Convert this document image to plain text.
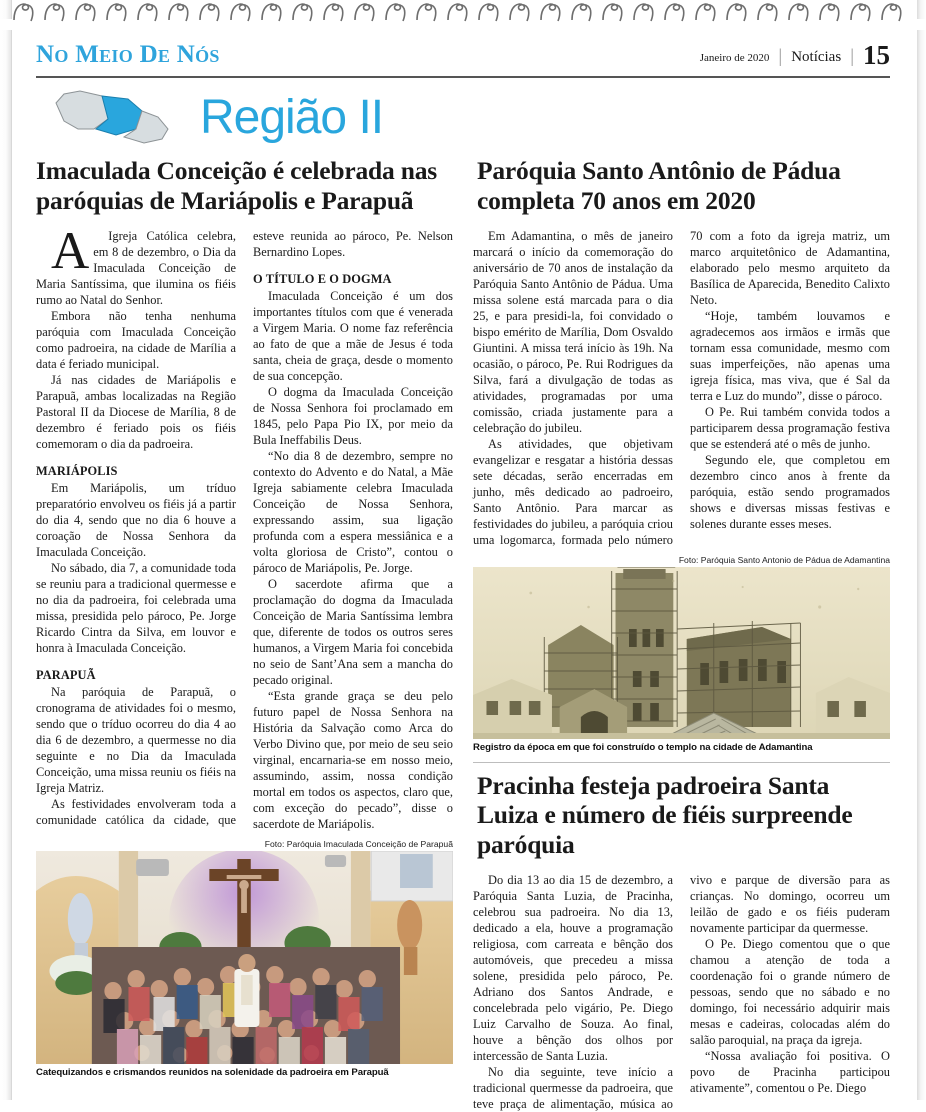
No Meio De Nós	Janeiro de 2020 | Notícias | 15
Região II
Imaculada Conceição é celebrada nas paróquias de Mariápolis e Parapuã

AIgreja Católica celebra, em 8 de dezembro, o Dia da Imaculada Conceição de Maria Santíssima, que ilumina os fiéis rumo ao Natal do Senhor.

Embora não tenha nenhuma paróquia com Imaculada Conceição como padroeira, na cidade de Marília a data é feriado municipal.

Já nas cidades de Mariápolis e Parapuã, ambas localizadas na Região Pastoral II da Diocese de Marília, 8 de dezembro é feriado pois os fiéis comemoram o dia da padroeira.

MARIÁPOLIS

Em Mariápolis, um tríduo preparatório envolveu os fiéis já a partir do dia 4, sendo que no dia 6 houve a coroação de Nossa Senhora da Imaculada Conceição.

No sábado, dia 7, a comunidade toda se reuniu para a tradicional quermesse e no dia da padroeira, foi celebrada uma missa, presidida pelo pároco, Pe. Jorge Ricardo Cintra da Silva, em louvor e honra à Imaculada Conceição.

PARAPUÃ

Na paróquia de Parapuã, o cronograma de atividades foi o mesmo, sendo que o tríduo ocorreu do dia 4 ao dia 6 de dezembro, a quermesse no dia seguinte e no Dia da Imaculada Conceição, uma missa reuniu os fiéis na Igreja Matriz.

As festividades envolveram toda a comunidade católica da cidade, que esteve reunida ao pároco, Pe. Nelson Bernardino Lopes.

O TÍTULO E O DOGMA

Imaculada Conceição é um dos importantes títulos com que é venerada a Virgem Maria. O nome faz referência ao fato de que a mãe de Jesus é toda santa, cheia de graça, desde o momento de sua concepção.

O dogma da Imaculada Conceição de Nossa Senhora foi proclamado em 1845, pelo Papa Pio IX, por meio da Bula Ineffabilis Deus.

“No dia 8 de dezembro, sempre no contexto do Advento e do Natal, a Mãe Igreja sabiamente celebra Imaculada Conceição de Nossa Senhora, expressando assim, sua ligação profunda com a espera messiânica e a volta gloriosa de Cristo”, contou o pároco de Mariápolis, Pe. Jorge.

O sacerdote afirma que a proclamação do dogma da Imaculada Conceição de Maria Santíssima lembra que, diferente de todos os outros seres humanos, a Virgem Maria foi concebida no seio de Sant’Ana sem a mancha do pecado original.

“Esta grande graça se deu pelo futuro papel de Nossa Senhora na História da Salvação como Arca do Verbo Divino que, por meio de seu seio virginal, encarnaria-se em nosso meio, assumindo, assim, nossa condição mortal em todos os aspectos, claro que, com exceção do pecado”, disse o sacerdote de Mariápolis.

Foto: Paróquia Imaculada Conceição de Parapuã
Catequizandos e crismandos reunidos na solenidade da padroeira em Parapuã
Paróquia Santo Antônio de Pádua completa 70 anos em 2020

Em Adamantina, o mês de janeiro marcará o início da comemoração do aniversário de 70 anos de instalação da Paróquia Santo Antônio de Pádua. Uma missa solene está marcada para o dia 25, e para presidi-la, foi convidado o bispo emérito de Marília, Dom Osvaldo Giuntini. A missa terá início às 19h. Na ocasião, o pároco, Pe. Rui Rodrigues da Silva, fará a divulgação de todas as atividades, programadas por uma comissão, criada justamente para a celebração do jubileu.

As atividades, que objetivam evangelizar e resgatar a história dessas sete décadas, serão encerradas em junho, mês dedicado ao padroeiro, Santo Antônio. Para marcar as festividades do jubileu, a paróquia criou uma logomarca, formada pelo número 70 com a foto da igreja matriz, um marco arquitetônico de Adamantina, elaborado pelo mesmo arquiteto da Basílica de Aparecida, Benedito Calixto Neto.

“Hoje, também louvamos e agradecemos aos irmãos e irmãs que tornam essa comunidade, mesmo com suas imperfeições, não apenas uma igreja física, mas viva, que é Sal da terra e Luz do mundo”, disse o pároco.

O Pe. Rui também convida todos a participarem dessa programação festiva que se estenderá até o mês de junho.

Segundo ele, que completou em dezembro cinco anos à frente da paróquia, estão sendo programados shows e diversas missas festivas e solenes durante esses meses.

Foto: Paróquia Santo Antonio de Pádua de Adamantina
Registro da época em que foi construído o templo na cidade de Adamantina
Pracinha festeja padroeira Santa Luiza e número de fiéis surpreende paróquia

Do dia 13 ao dia 15 de dezembro, a Paróquia Santa Luzia, de Pracinha, celebrou sua padroeira. No dia 13, dedicado a ela, houve a programação religiosa, com carreata e bênção dos automóveis, que precedeu a missa solene, presidida pelo pároco, Pe. Adriano dos Santos Andrade, e concelebrada pelo vigário, Pe. Diego Luiz Carvalho de Souza. Ao final, houve a bênção dos olhos por intercessão de Santa Luzia.

No dia seguinte, teve início a tradicional quermesse da padroeira, que teve praça de alimentação, música ao vivo e parque de diversão para as crianças. No domingo, ocorreu um leilão de gado e os fiéis puderam novamente participar da quermesse.

O Pe. Diego comentou que o que chamou a atenção de toda a coordenação foi o grande número de pessoas, sendo que no sábado e no domingo, foi necessário adquirir mais mesas e cadeiras, colocadas além do salão paroquial, na praça da igreja.

“Nossa avaliação foi positiva. O povo de Pracinha participou ativamente”, comentou o Pe. Diego
